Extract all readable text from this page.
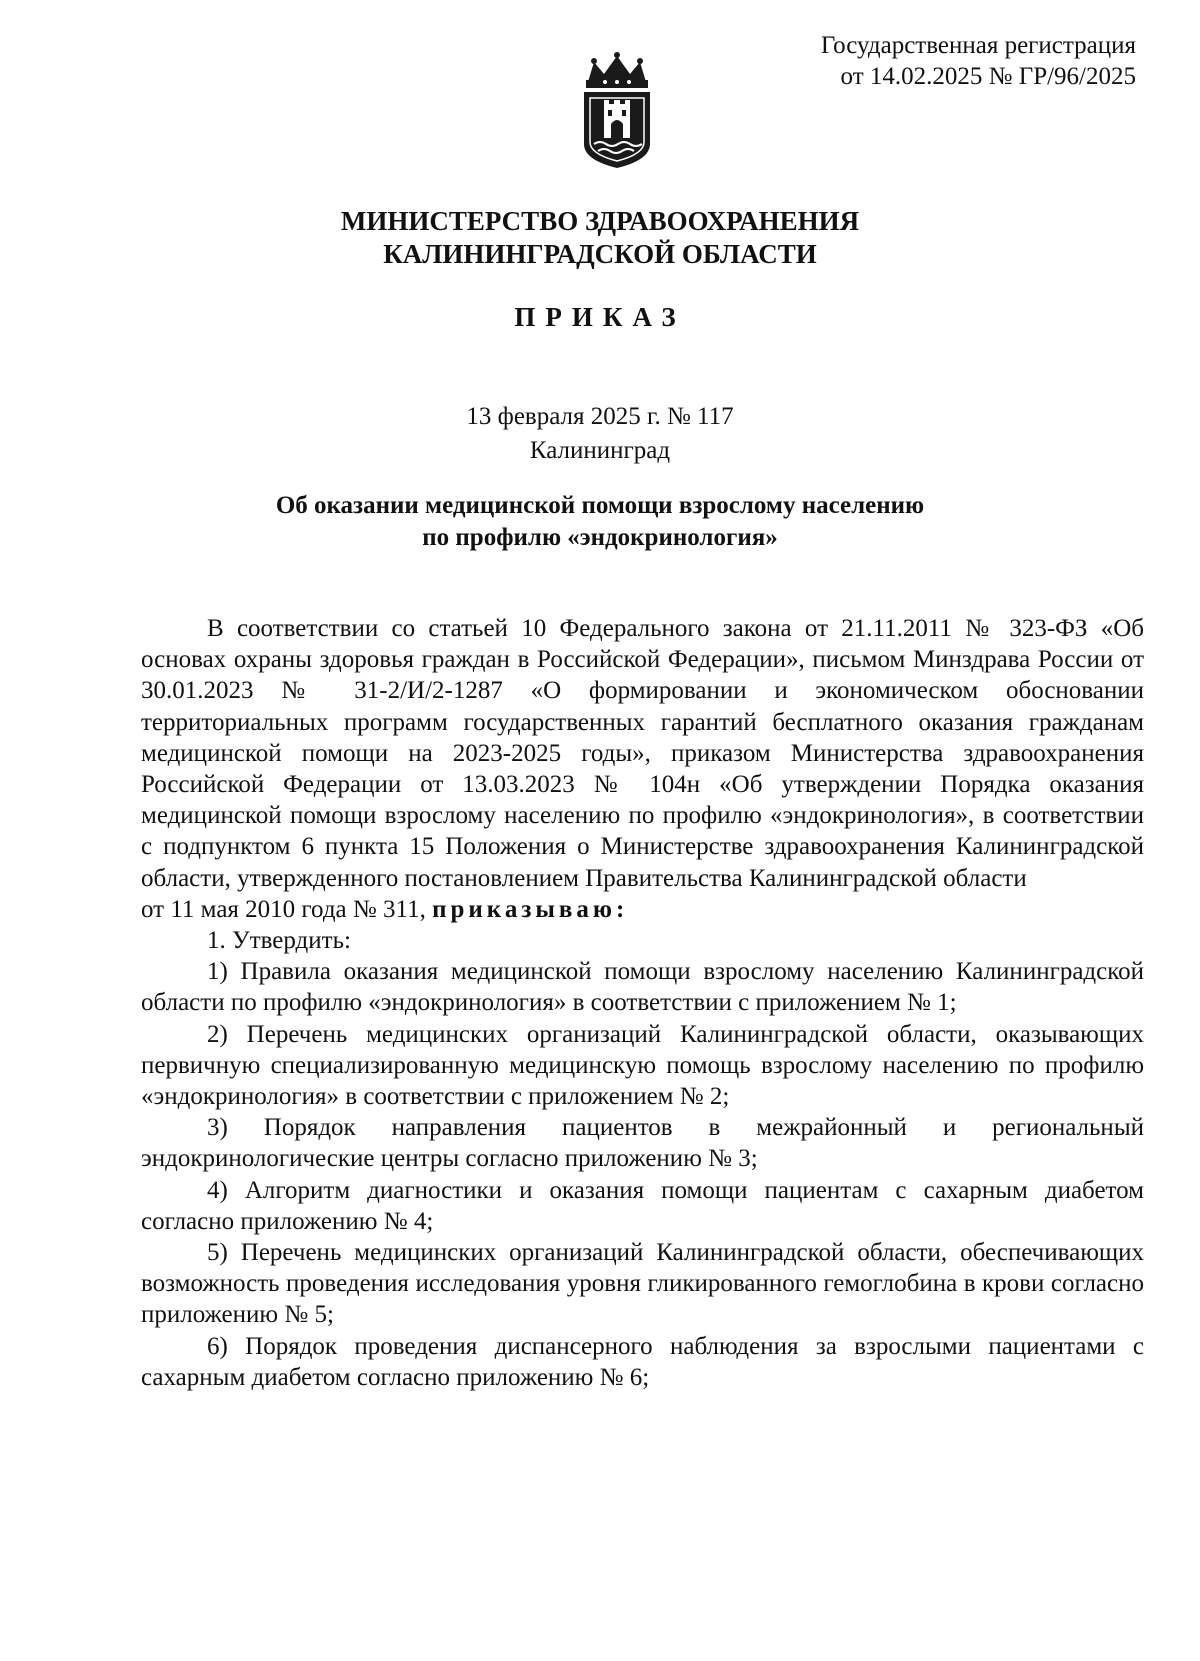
Государственная регистрация
от 14.02.2025 № ГР/96/2025
МИНИСТЕРСТВО ЗДРАВООХРАНЕНИЯ
КАЛИНИНГРАДСКОЙ ОБЛАСТИ
ПРИКАЗ
13 февраля 2025 г. № 117
Калининград
Об оказании медицинской помощи взрослому населению
по профилю «эндокринология»

В соответствии со статьей 10 Федерального закона от 21.11.2011 № 323-ФЗ «Об основах охраны здоровья граждан в Российской Федерации», письмом Минздрава России от 30.01.2023 № 31-2/И/2-1287 «О формировании и экономическом обосновании территориальных программ государственных гарантий бесплатного оказания гражданам медицинской помощи на 2023-2025 годы», приказом Министерства здравоохранения Российской Федерации от 13.03.2023 № 104н «Об утверждении Порядка оказания медицинской помощи взрослому населению по профилю «эндокринология», в соответствии с подпунктом 6 пункта 15 Положения о Министерстве здравоохранения Калининградской области, утвержденного постановлением Правительства Калининградской области

от 11 мая 2010 года № 311, приказываю:

1. Утвердить:

1) Правила оказания медицинской помощи взрослому населению Калининградской области по профилю «эндокринология» в соответствии с приложением № 1;

2) Перечень медицинских организаций Калининградской области, оказывающих первичную специализированную медицинскую помощь взрослому населению по профилю «эндокринология» в соответствии с приложением № 2;

3) Порядок направления пациентов в межрайонный и региональный эндокринологические центры согласно приложению № 3;

4) Алгоритм диагностики и оказания помощи пациентам с сахарным диабетом согласно приложению № 4;

5) Перечень медицинских организаций Калининградской области, обеспечивающих возможность проведения исследования уровня гликированного гемоглобина в крови согласно приложению № 5;

6) Порядок проведения диспансерного наблюдения за взрослыми пациентами с сахарным диабетом согласно приложению № 6;
